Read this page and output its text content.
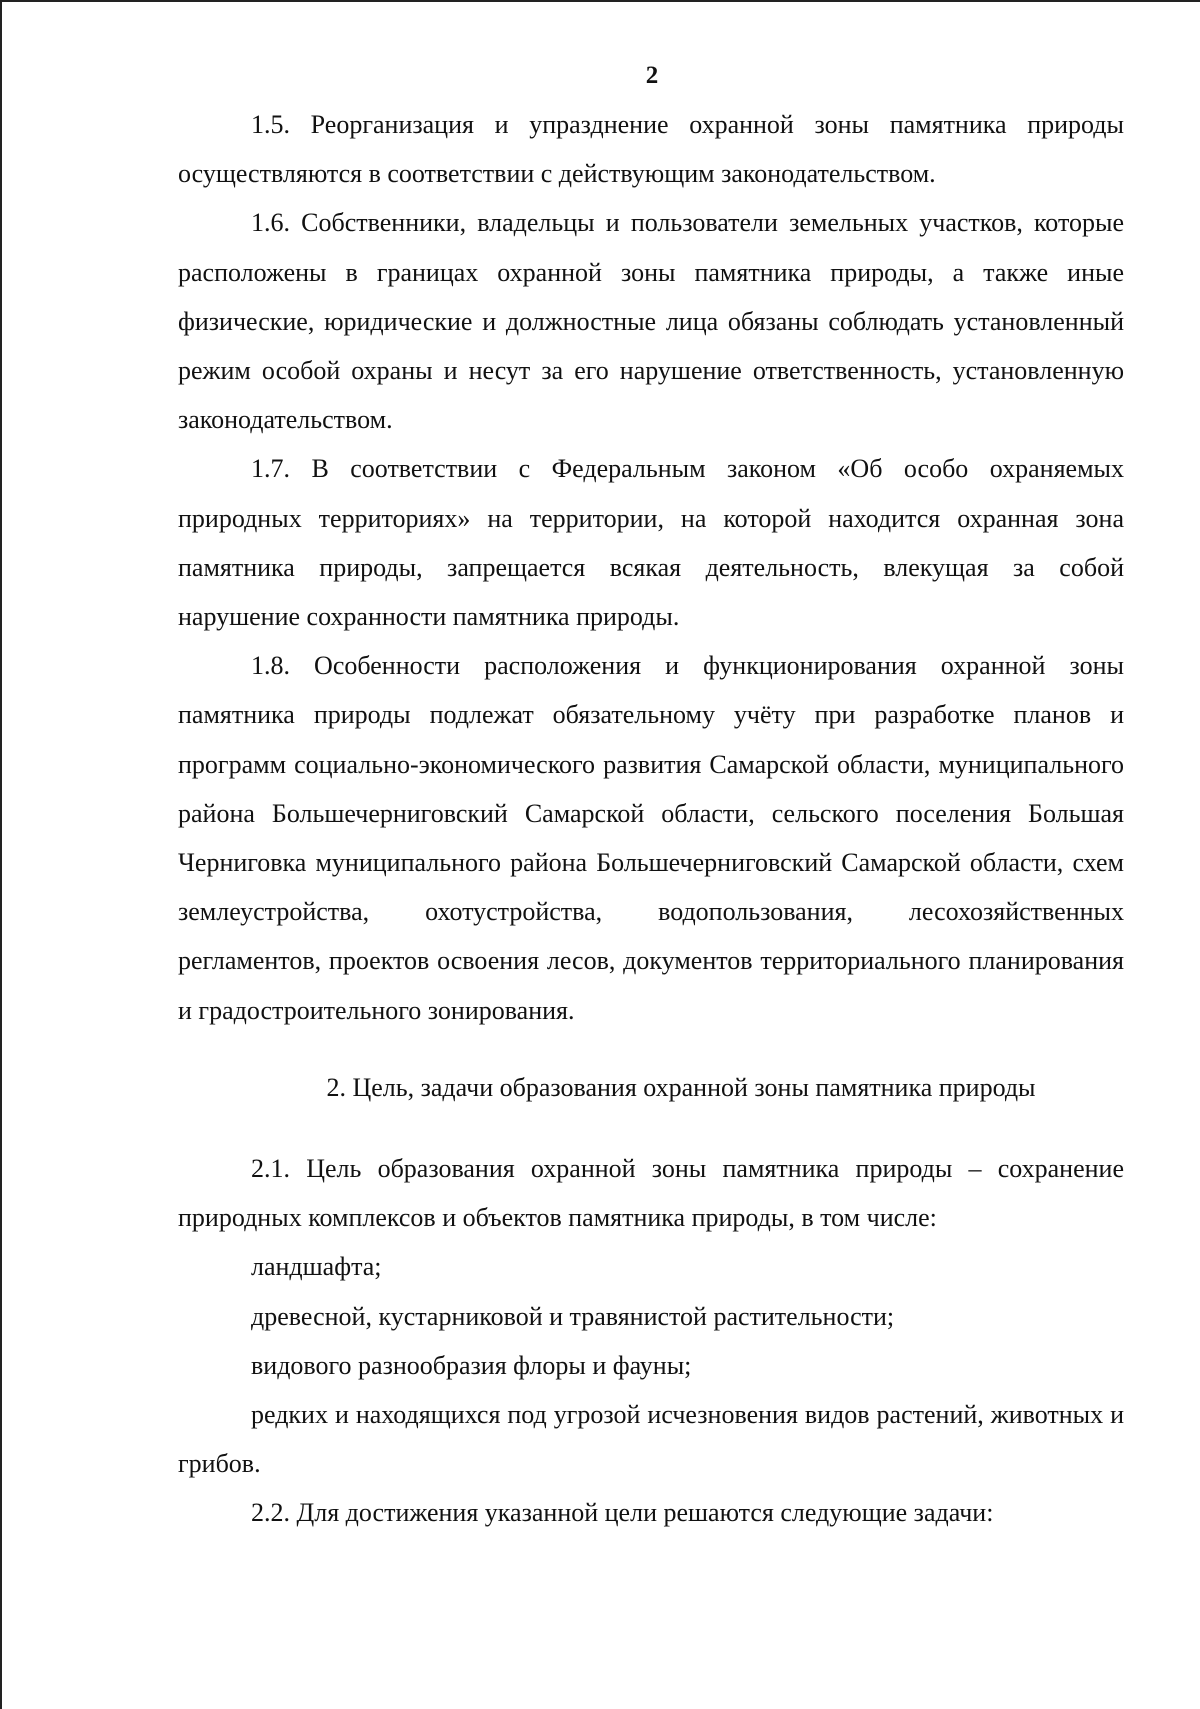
2

1.5. Реорганизация и упразднение охранной зоны памятника природы осуществляются в соответствии с действующим законодательством.

1.6. Собственники, владельцы и пользователи земельных участков, которые расположены в границах охранной зоны памятника природы, а также иные физические, юридические и должностные лица обязаны соблюдать установленный режим особой охраны и несут за его нарушение ответственность, установленную законодательством.

1.7. В соответствии с Федеральным законом «Об особо охраняемых природных территориях» на территории, на которой находится охранная зона памятника природы, запрещается всякая деятельность, влекущая за собой нарушение сохранности памятника природы.

1.8. Особенности расположения и функционирования охранной зоны памятника природы подлежат обязательному учёту при разработке планов и программ социально-экономического развития Самарской области, муниципального района Большечерниговский Самарской области, сельского поселения Большая Черниговка муниципального района Большечерниговский Самарской области, схем землеустройства, охотустройства, водопользования, лесохозяйственных регламентов, проектов освоения лесов, документов территориального планирования и градостроительного зонирования.

2. Цель, задачи образования охранной зоны памятника природы

2.1. Цель образования охранной зоны памятника природы – сохранение природных комплексов и объектов памятника природы, в том числе:

ландшафта;

древесной, кустарниковой и травянистой растительности;

видового разнообразия флоры и фауны;

редких и находящихся под угрозой исчезновения видов растений, животных и грибов.

2.2. Для достижения указанной цели решаются следующие задачи:
